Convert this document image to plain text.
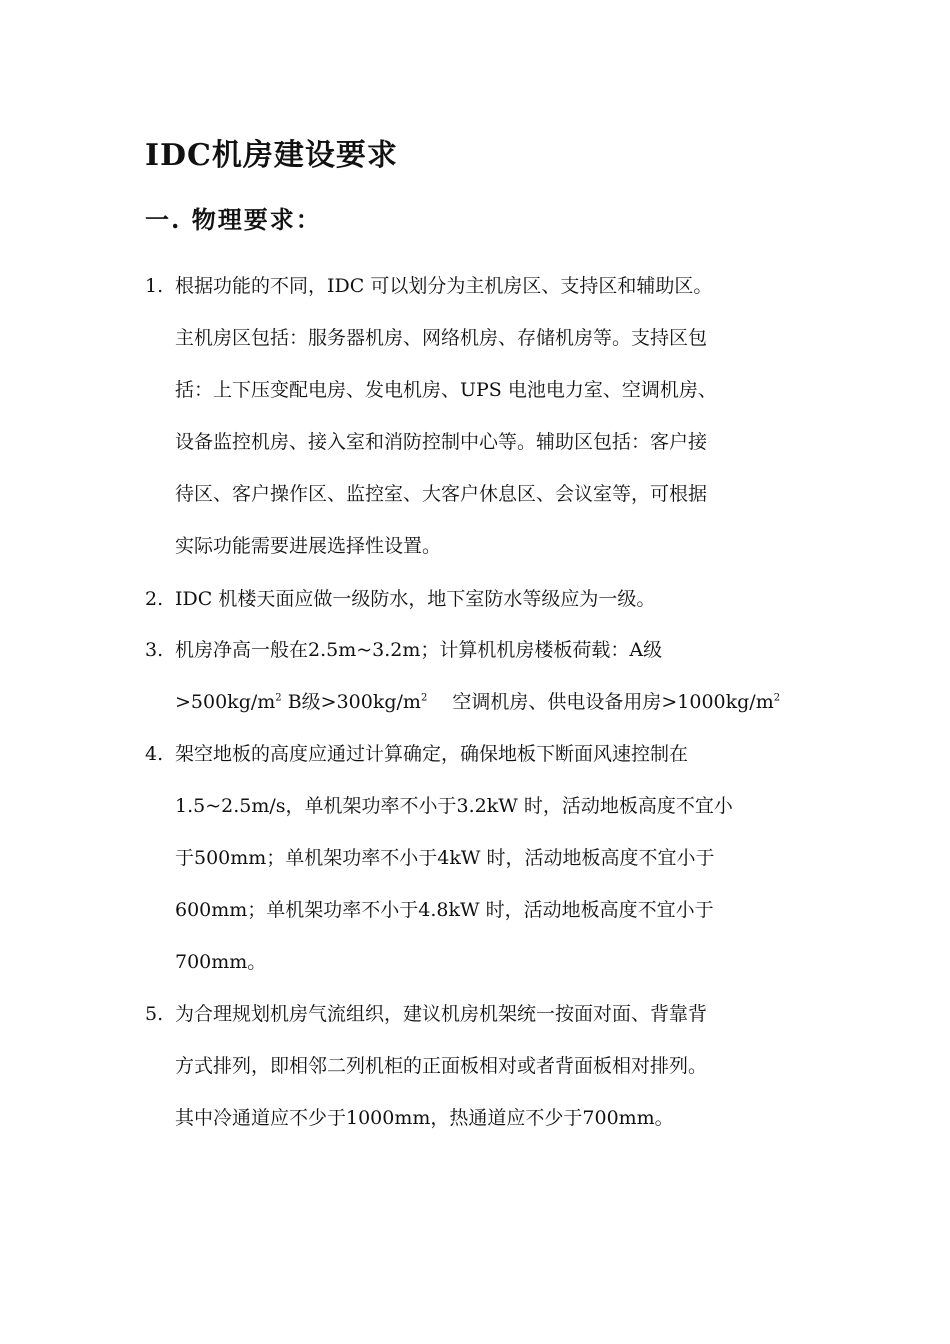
IDC机房建设要求
一. 物理要求：
1. 根据功能的不同，IDC 可以划分为主机房区、支持区和辅助区。
主机房区包括：服务器机房、网络机房、存储机房等。支持区包
括：上下压变配电房、发电机房、UPS 电池电力室、空调机房、
设备监控机房、接入室和消防控制中心等。辅助区包括：客户接
待区、客户操作区、监控室、大客户休息区、会议室等，可根据
实际功能需要进展选择性设置。
2. IDC 机楼天面应做一级防水，地下室防水等级应为一级。
3. 机房净高一般在2.5m~3.2m；计算机机房楼板荷载：A级
$>500kg/m^2$ B级$>300kg/m^2$　 空调机房、供电设备用房$>1000kg/m^2$
4. 架空地板的高度应通过计算确定，确保地板下断面风速控制在
1.5~2.5m/s，单机架功率不小于3.2kW 时，活动地板高度不宜小
于500mm；单机架功率不小于4kW 时，活动地板高度不宜小于
600mm；单机架功率不小于4.8kW 时，活动地板高度不宜小于
700mm。
5. 为合理规划机房气流组织，建议机房机架统一按面对面、背靠背
方式排列，即相邻二列机柜的正面板相对或者背面板相对排列。
其中冷通道应不少于1000mm，热通道应不少于700mm。
